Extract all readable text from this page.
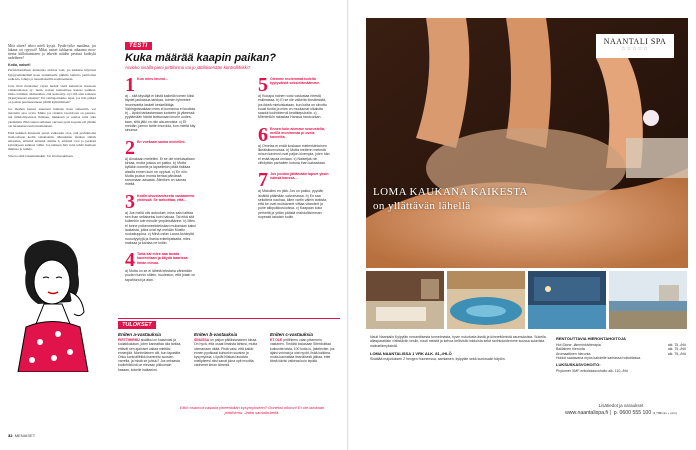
Mitä sitten? tekisi mieli kysyä. Pysäh-tyiko maailma, jos lakana on rypyssä? Miksi naiset tuhlaavat aikaansa moo-ttensa kiillottamiseen ja tekevät näiden pesässä koditykt usdeiheen?

Kotia, naiset!

Perfektionistinen kunnattaa aloittaa vain, jos kaikissa käytössä hyppyselkäkömäl koen taulumaalla pikkiin lattioita paritioitua sadk-kia, lohuja ja rantemattelilla kodinaamaan.

Jotta illan muutamat vajaat herkät vielä kuluisivat haasteen vaikkonaiseen sy- nuun, naisen kanssaitsee kanssa paikkaa. Onko lommun olimsuuhan, että sedeoutty- nyt sitä aina samassa järjestyksessä edustus? Tai vahingoittuuko lapsi, jos hän päästä on joskus puutteusaineen päällä kylkiillainen?

Jos meihen kanssa annetaan tuntiaan ilsan vaikeaitta, voi tietoisiin ajoa ovata. Muita jos ottamat vuorisivata on perusta- nut mikäolitysensaa ihmisen, mukkonä ja saattaa tulla aika yksinäistä. Elkä ennen sellaisen olevaan ajoin kopalta eiä yhtään ole haasketsua kuin muidenkaan.

Eikä kukkien kanssaita puran vaikaaska oloa, että perfektioma ilomoottiaan kodin vakahalerin. Muutaman matkan siinäis emaraina, ettäsinä ettäsinä oimme ä, ettäsinä ovat ja perinstä kynnikyeen suikteet vähin. Jos nahteen hän voisi tehdä itselleen ihminsa jo tullula.

Siivota ehtii lasnemuinakin. Tai sitä hieruimaan.

TESTI
Kuka määrää kaapin paikan?
Arvioko sisällä pieni pirttihirmu vai jo jättiläisenään kontrollifrikki?
1 Kun mies imuroi...
a) ...sitä täysiäjä ei kiistä kaikella tomen kiksi täydet jaukastua tarkkaa, toimen tyhmelee imurinvartta lasketi keskeläitäja. Vahingoissakaan mies ei kumanna ei kuottaa. b) ...äydot tarkastamaan tuokeen jä ylkeessä pyytämään häntä tarttumaan imurin uudes-taan, sillä jälki on niin ala-arvoista. c) Et meidän, jamun tarite imuroida, kun mieltä käy sinunsa.
2 En voekaan sanka mielellini.
a) Ainakaan meilellini. Ei se ole mieluisatiaan kirsaa, mutta joskus on pakko. b) Mutta kylläkin konelle ja lapsellekin pitää tistläaa aissita ennen kuin ne oppivat. c) En niin. Mutta joudun monta kertaa päivässä sanomaan aasasta. Älimiken on samaa mieltä.
3 Kodin sisustamisesta vastaamme yhdessä. Se tarkoittaa, että...
a) Jos mellä olis autonluet, miss saisi laittaa sen ihan sellaiseksi kuin haluaa. Tai eikä sitä kuitenkin tule minulle ympäristäänne. b) Mies ei tunne poikenneekdeksäan mukanaan kaksi laukaista, jotka ovat nyt meidän Mustin ruokakuppina. c) Minä ostan Laura Ashleyltä ruusufyynyjä ja lhania enkelipatsaita, mies maksaa ja kantaa ne kotiin.
4 Tutta kai mies saa tavata kavereitaan ja käydä baarissa ilman minua.
a) Mutta on se ei lähetä tekstaria vähintään puolen tunnin välein, huolestun, että jotain on tapahtunut ja alan.
5 Olemme molemmat todella tyytyväisiä seksielämäämme.
a) Kukapa nainen voisi vastustaa hirestä esilimassa. b) Ei se ole vaikeita kinstämistä, jos ikkeä mieluiskataan, kun kotta on siivottu kuusi tuntia ja mies on muutamat uikaluita saadut kodinkierroll keattkepuhalla. c) Miehenikin rakastaa Hanssa hardcorkan.
6 Ennen kuin aiomme seurustella, meillä monimesta pi ovela kaveriita.
a) Ornelas ei enää koskaan mielenkiintoinen ilkeäisikunnoissa. b) Mutta meitenn melestä minun kavenni ovat paljon kivempia, joten hän ei enää tapaa omiaan. c) Naiseljak nin viihdyttän parhaiten kotona ihan kaksistaan.
7 Jos joudun jättämään lapset yksin isänsä kanssa...
a) Makuilen en jätä. Jos on pakko, pyydän isoäitiä pitämään valvomassa. b) En saa seilottera nauhaa, ällen vartin välein tarkista, että he ovat muistaneet viittaa vitamiinit ja puhe aiikpuikkosuoissa. c) Kaapaan koko perheltä ja yritän päästä mahdollisimman nopeasti takaisin kotiin.
TULOKSET
Eniten a-vastauksia
PIRTTIHIRMU sisäliksi on kaavinasi ja kodakkukalan, joten kannattaa olla tarkka, ettävät sen ajaloiset valtaa mieltäsi ennenjää. Monimilainen olit, kun tapasitte. Onko kontrollifriikki kavereisi suosien varrella, ja mistä se johtuu? Jos seksasta kodinfriikkinä on elevaan pikkumain kasaan, kokeile katkaeimi.
Eniten b-vastauksia
SINUSSA on paljon pälliksianainen ideaa. On hyvä, että osaat ilmaista tahtosi, mutta olemanaan ottää. Pistä vaisi, että kaikki ennen pyväkaat kuhunkin suosien ja kysymyksia. Löydät hiiskasi asioista mielipiteesi niist sanat joina opit moottia, vanhenet ilman tämmiä.
Eniten c-vastauksia
ET OLE pirttihirmu vaan pikemmin vastanen. Tiedätä tosiasaan Sitenkuittaa kotkuntieroista, 100 kotia lu, jatteleväin, jos ajaisi voinnat ja olat nyvät, lisää kaikkea, mutta kannattaa itsenäisesti jatkaa, ettei tämä kävisi vaikeaa kuin lepätä.
Elikö osannut vastata yhteenkään kysymykseen? Onneksi olkoon! Et ole lainkaan pirttihirmu. Jatka samalla tiellä.
32 MENAISET
NAANTALI SPA
☆☆☆☆☆
LOMA KAUKANA KAIKESTA
on yllättävän lähellä

Nauti Naantalin Kylpylän romanttisesta tunnelmasta, hyvin nukutusta ässtä ja kiinnettömistä asumuksista. Sukella allasparatiisin virkistäviin vesiin, nauti meistä ja kehoa hellivistä hoidoista sekä ravintoloidemme suussa sulavista makuelämyksistä.

LOMA NAANTALISSA 1 VRK ALK. 81,-/HLÖ

Sisältää majoituksen 2 hengen huoneessa, aamiaisen, kylpylän sekä kuntosalin käytön.

RENTOUTTAVIA HIERONTAHOITOJA
Hot Stone -lämminkiviterapia	alk. 75,-/hlö
Balilainen hieronta	alk. 75,-/hlö
Aromaattinen hieronta	alk. 75,-/hlö
Hoidot saatavana myös kahdelle samassa hoitotilassa.
LUKSUSKASVOHOITO:
Phytomer XMF-erikoiskasvohoito alk. 110,-/hlö
Lisätiedot ja varaukset
www.naantalispa.fi |  p. 0600 555 100 (1,79€/min + pvm)
